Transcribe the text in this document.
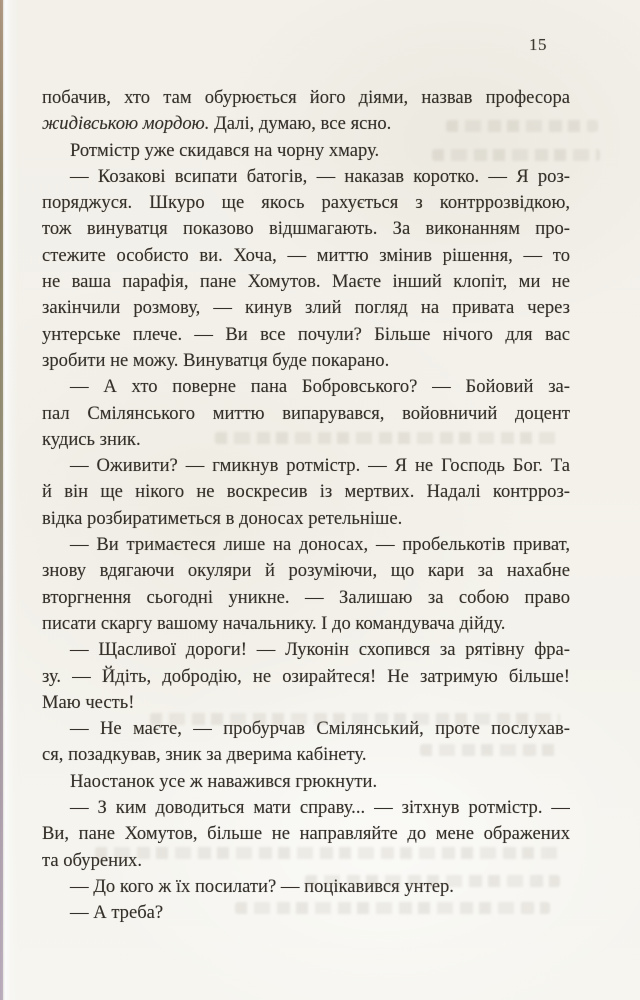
15
побачив, хто там обурюється його діями, назвав професора
жидівською мордою. Далі, думаю, все ясно.
Ротмістр уже скидався на чорну хмару.
— Козакові всипати батогів, — наказав коротко. — Я роз-
поряджуся. Шкуро ще якось рахується з контррозвідкою,
тож винуватця показово відшмагають. За виконанням про-
стежите особисто ви. Хоча, — миттю змінив рішення, — то
не ваша парафія, пане Хомутов. Маєте інший клопіт, ми не
закінчили розмову, — кинув злий погляд на привата через
унтерське плече. — Ви все почули? Більше нічого для вас
зробити не можу. Винуватця буде покарано.
— А хто поверне пана Бобровського? — Бойовий за-
пал Смілянського миттю випарувався, войовничий доцент
кудись зник.
— Оживити? — гмикнув ротмістр. — Я не Господь Бог. Та
й він ще нікого не воскресив із мертвих. Надалі контрроз-
відка розбиратиметься в доносах ретельніше.
— Ви тримаєтеся лише на доносах, — пробелькотів приват,
знову вдягаючи окуляри й розуміючи, що кари за нахабне
вторгнення сьогодні уникне. — Залишаю за собою право
писати скаргу вашому начальнику. І до командувача дійду.
— Щасливої дороги! — Луконін схопився за рятівну фра-
зу. — Йдіть, добродію, не озирайтеся! Не затримую більше!
Маю честь!
— Не маєте, — пробурчав Смілянський, проте послухав-
ся, позадкував, зник за дверима кабінету.
Наостанок усе ж наважився грюкнути.
— З ким доводиться мати справу... — зітхнув ротмістр. —
Ви, пане Хомутов, більше не направляйте до мене ображених
та обурених.
— До кого ж їх посилати? — поцікавився унтер.
— А треба?
